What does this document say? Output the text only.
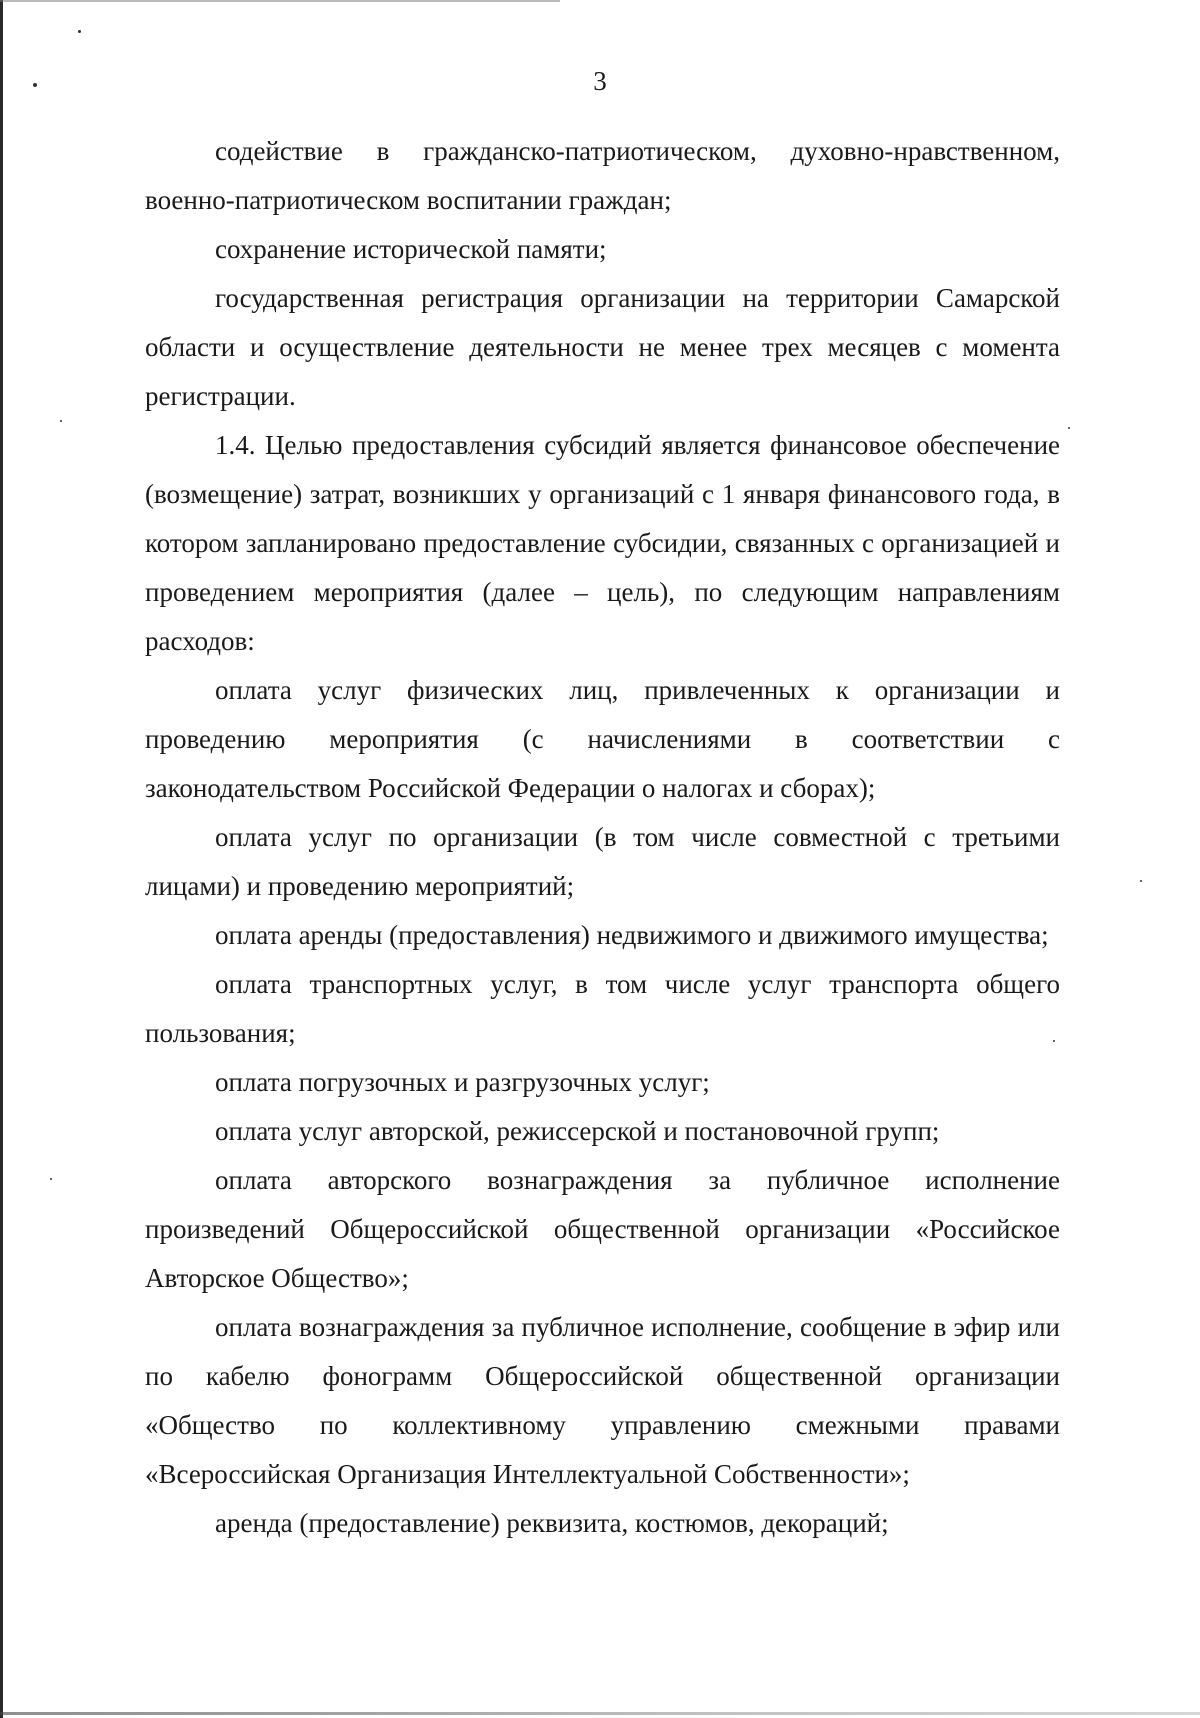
3

содействие в гражданско-патриотическом, духовно-нравственном, военно-патриотическом воспитании граждан;

сохранение исторической памяти;

государственная регистрация организации на территории Самарской области и осуществление деятельности не менее трех месяцев с момента регистрации.

1.4. Целью предоставления субсидий является финансовое обеспечение (возмещение) затрат, возникших у организаций с 1 января финансового года, в котором запланировано предоставление субсидии, связанных с организацией и проведением мероприятия (далее – цель), по следующим направлениям расходов:

оплата услуг физических лиц, привлеченных к организации и проведению мероприятия (с начислениями в соответствии с законодательством Российской Федерации о налогах и сборах);

оплата услуг по организации (в том числе совместной с третьими лицами) и проведению мероприятий;

оплата аренды (предоставления) недвижимого и движимого имущества;

оплата транспортных услуг, в том числе услуг транспорта общего пользования;

оплата погрузочных и разгрузочных услуг;

оплата услуг авторской, режиссерской и постановочной групп;

оплата авторского вознаграждения за публичное исполнение произведений Общероссийской общественной организации «Российское Авторское Общество»;

оплата вознаграждения за публичное исполнение, сообщение в эфир или по кабелю фонограмм Общероссийской общественной организации «Общество по коллективному управлению смежными правами «Всероссийская Организация Интеллектуальной Собственности»;

аренда (предоставление) реквизита, костюмов, декораций;
